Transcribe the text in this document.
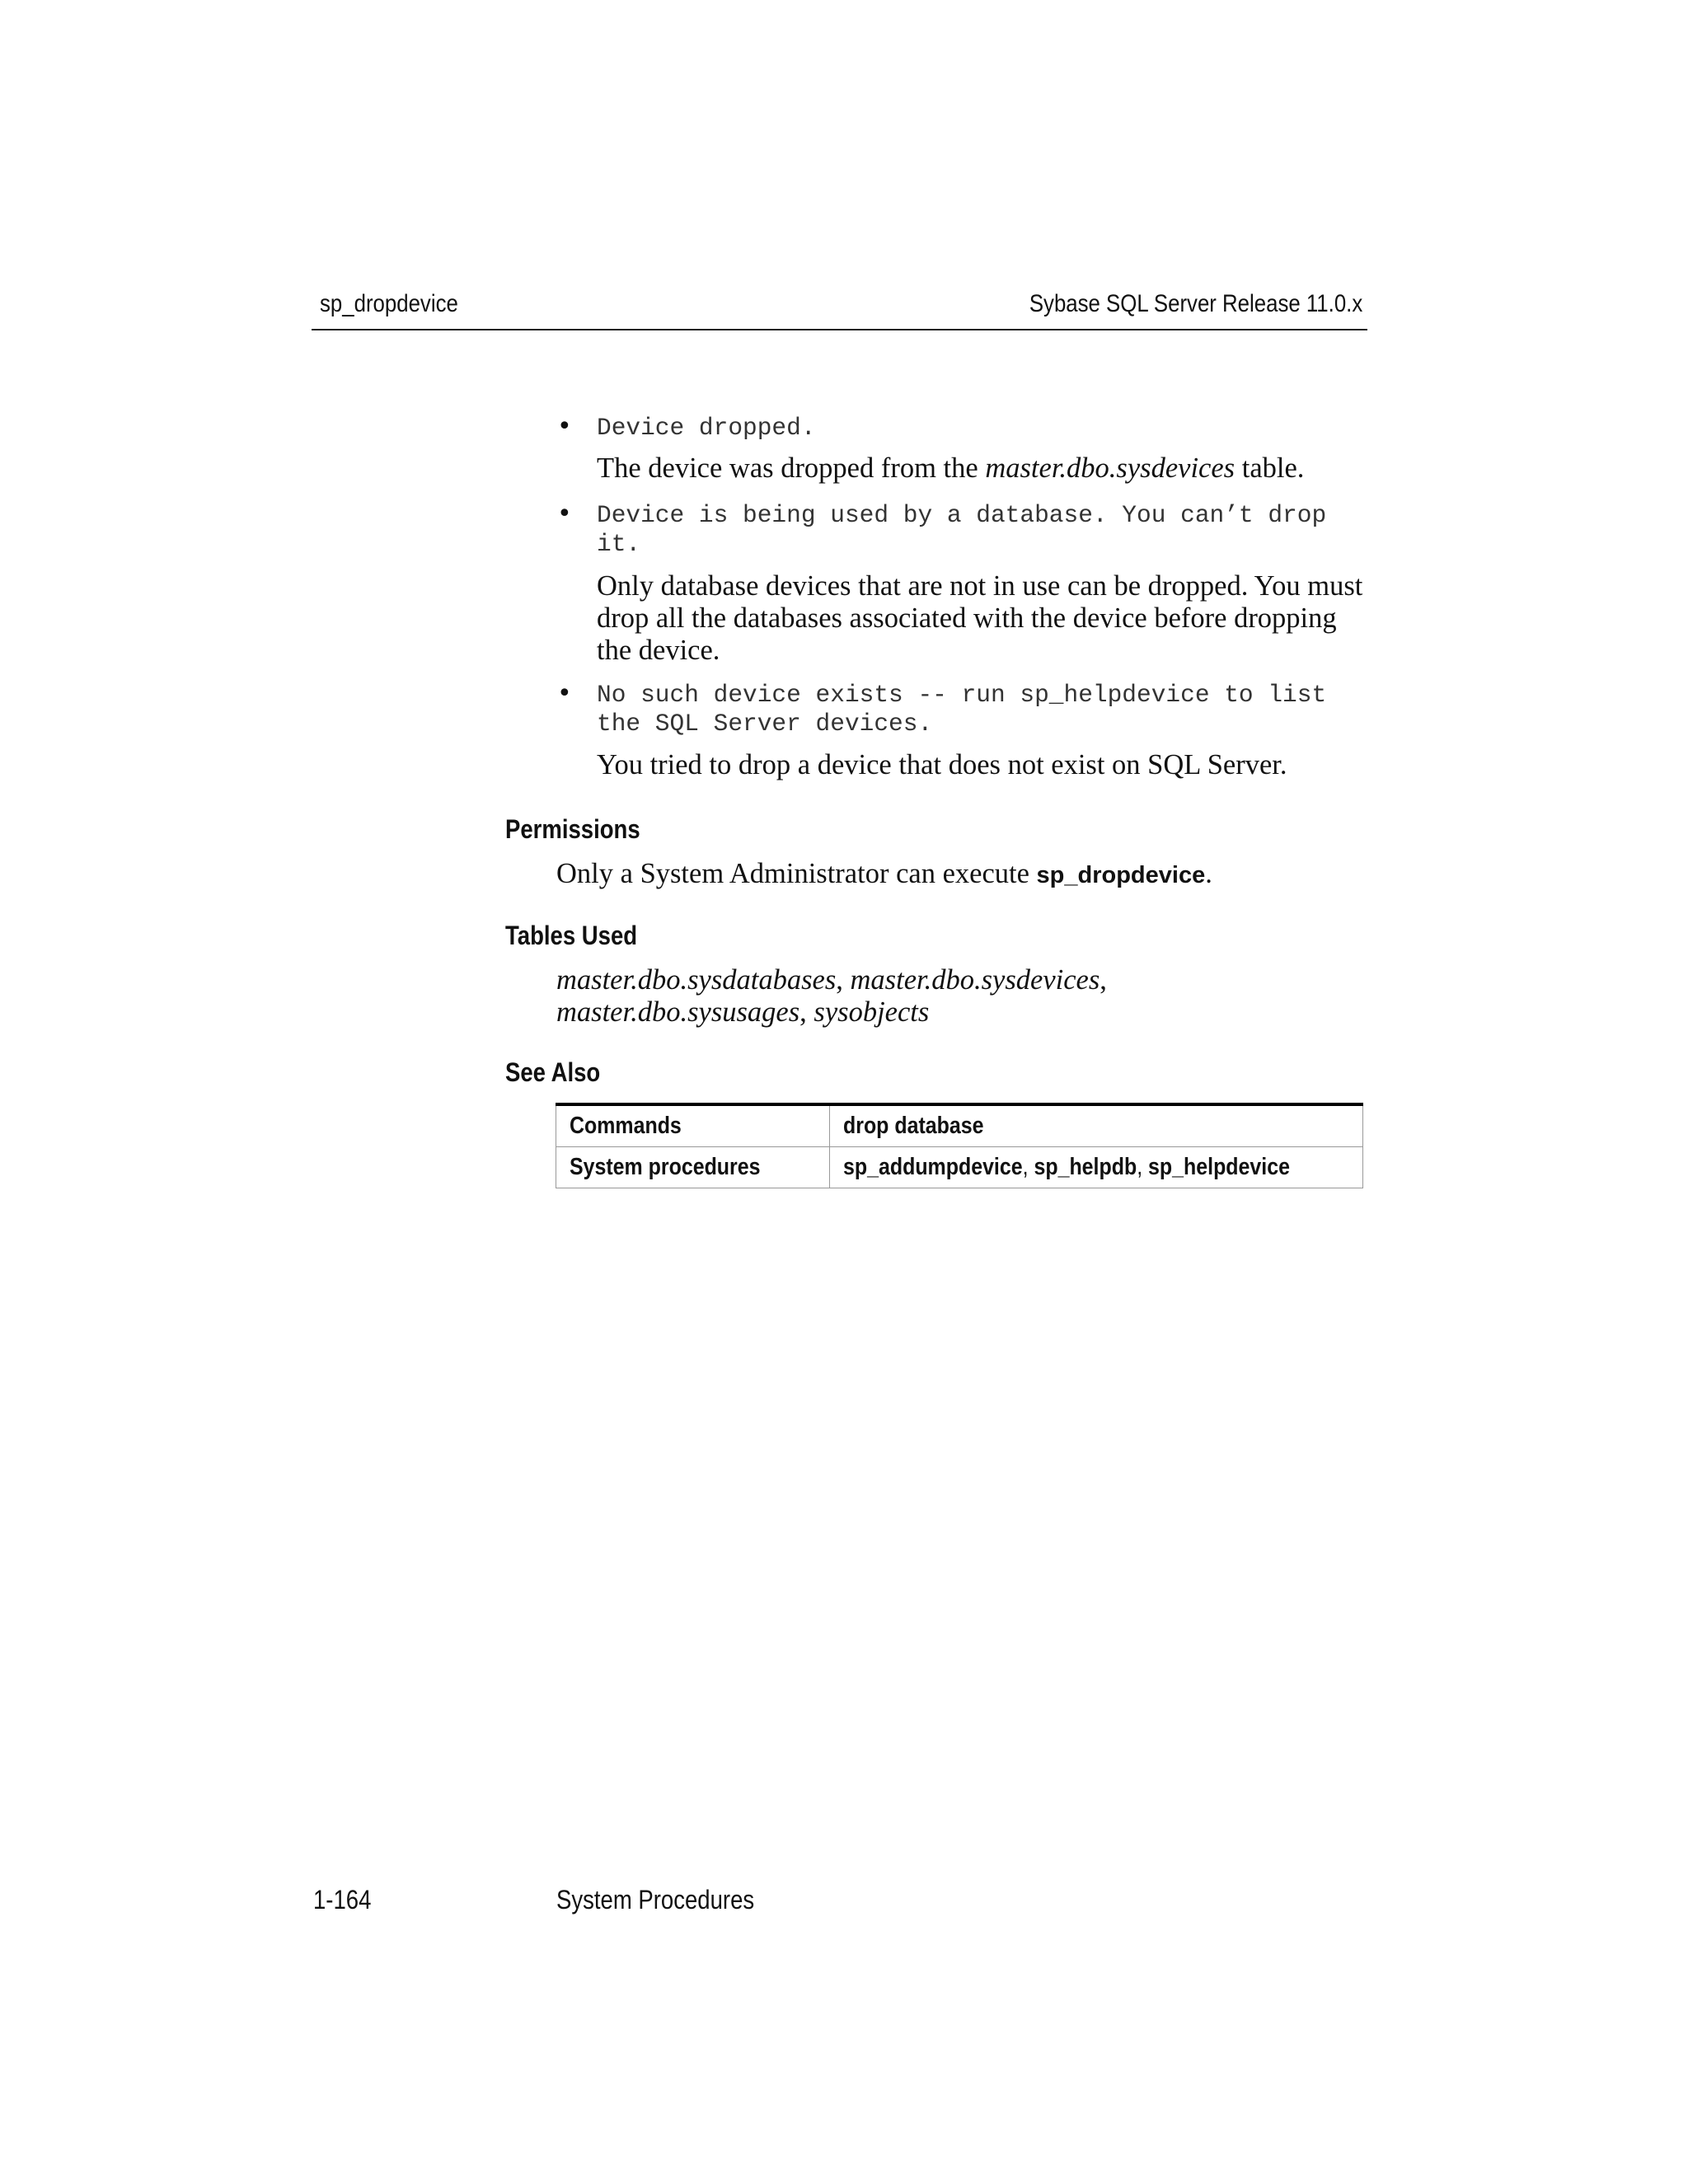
sp_dropdevice	Sybase SQL Server Release 11.0.x
• Device dropped.
The device was dropped from the master.dbo.sysdevices table.
• Device is being used by a database. You can’t drop
it.
Only database devices that are not in use can be dropped. You must drop all the databases associated with the device before dropping the device.
• No such device exists -- run sp_helpdevice to list
the SQL Server devices.
You tried to drop a device that does not exist on SQL Server.
Permissions
Only a System Administrator can execute sp_dropdevice.
Tables Used
master.dbo.sysdatabases, master.dbo.sysdevices, master.dbo.sysusages, sysobjects
See Also
Commands	drop database
System procedures	sp_addumpdevice, sp_helpdb, sp_helpdevice
1-164	System Procedures
